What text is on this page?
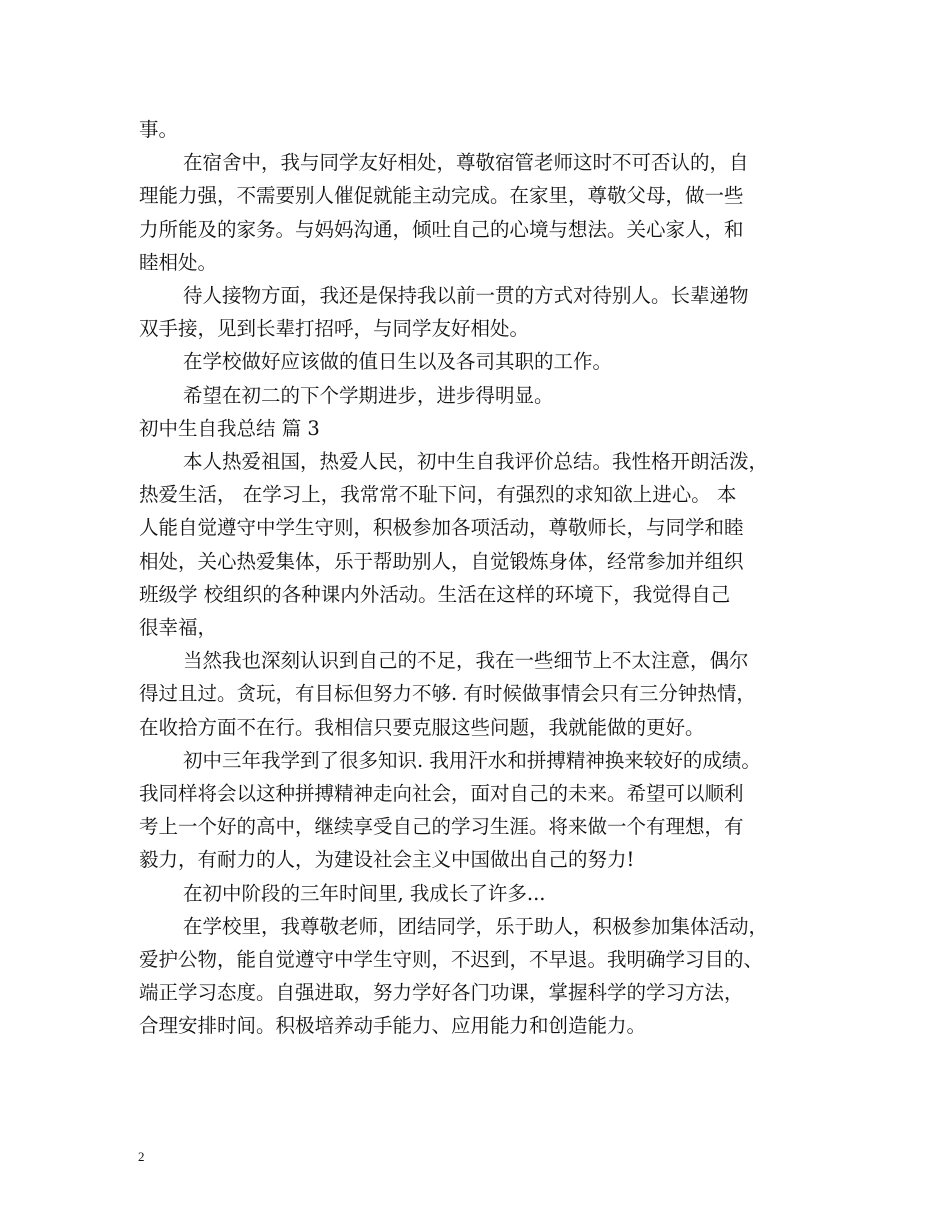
事。

在宿舍中，我与同学友好相处，尊敬宿管老师这时不可否认的，自
理能力强，不需要别人催促就能主动完成。在家里，尊敬父母，做一些
力所能及的家务。与妈妈沟通，倾吐自己的心境与想法。关心家人，和
睦相处。

待人接物方面，我还是保持我以前一贯的方式对待别人。长辈递物
双手接，见到长辈打招呼，与同学友好相处。

在学校做好应该做的值日生以及各司其职的工作。

希望在初二的下个学期进步，进步得明显。

初中生自我总结 篇 3

本人热爱祖国，热爱人民，初中生自我评价总结。我性格开朗活泼，
热爱生活， 在学习上，我常常不耻下问，有强烈的求知欲上进心。 本
人能自觉遵守中学生守则，积极参加各项活动，尊敬师长，与同学和睦
相处，关心热爱集体，乐于帮助别人，自觉锻炼身体，经常参加并组织
班级学 校组织的各种课内外活动。生活在这样的环境下，我觉得自己
很幸福，

当然我也深刻认识到自己的不足，我在一些细节上不太注意，偶尔
得过且过。贪玩，有目标但努力不够. 有时候做事情会只有三分钟热情，
在收拾方面不在行。我相信只要克服这些问题，我就能做的更好。

初中三年我学到了很多知识. 我用汗水和拼搏精神换来较好的成绩。
我同样将会以这种拼搏精神走向社会，面对自己的未来。希望可以顺利
考上一个好的高中，继续享受自己的学习生涯。将来做一个有理想，有
毅力，有耐力的人，为建设社会主义中国做出自己的努力!

在初中阶段的三年时间里, 我成长了许多...

在学校里，我尊敬老师，团结同学，乐于助人，积极参加集体活动，
爱护公物，能自觉遵守中学生守则，不迟到，不早退。我明确学习目的、
端正学习态度。自强进取，努力学好各门功课，掌握科学的学习方法，
合理安排时间。积极培养动手能力、应用能力和创造能力。

2
